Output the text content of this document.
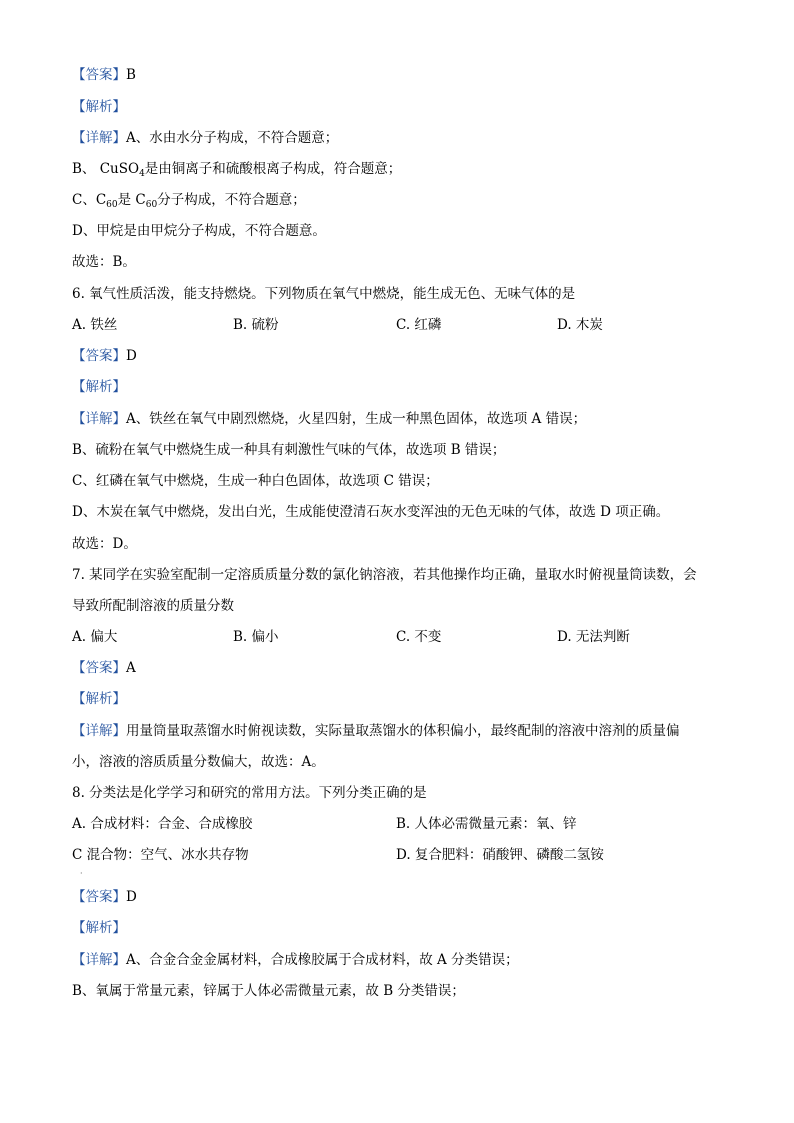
【答案】B
【解析】
【详解】A、水由水分子构成，不符合题意；
B、 CuSO$_4$是由铜离子和硫酸根离子构成，符合题意；
C、$C_{60}$是 $C_{60}$分子构成，不符合题意；
D、甲烷是由甲烷分子构成，不符合题意。
故选：B。
6. 氧气性质活泼，能支持燃烧。下列物质在氧气中燃烧，能生成无色、无味气体的是
A. 铁丝	B. 硫粉	C. 红磷	D. 木炭
【答案】D
【解析】
【详解】A、铁丝在氧气中剧烈燃烧，火星四射，生成一种黑色固体，故选项 A 错误；
B、硫粉在氧气中燃烧生成一种具有刺激性气味的气体，故选项 B 错误；
C、红磷在氧气中燃烧，生成一种白色固体，故选项 C 错误；
D、木炭在氧气中燃烧，发出白光，生成能使澄清石灰水变浑浊的无色无味的气体，故选 D 项正确。
故选：D。
7. 某同学在实验室配制一定溶质质量分数的氯化钠溶液，若其他操作均正确，量取水时俯视量筒读数，会
导致所配制溶液的质量分数
A. 偏大	B. 偏小	C. 不变	D. 无法判断
【答案】A
【解析】
【详解】用量筒量取蒸馏水时俯视读数，实际量取蒸馏水的体积偏小，最终配制的溶液中溶剂的质量偏
小，溶液的溶质质量分数偏大，故选：A。
8. 分类法是化学学习和研究的常用方法。下列分类正确的是
A. 合成材料：合金、合成橡胶	B. 人体必需微量元素：氧、锌
C 混合物：空气、冰水共存物	D. 复合肥料：硝酸钾、磷酸二氢铵
·
【答案】D
【解析】
【详解】A、合金合金金属材料，合成橡胶属于合成材料，故 A 分类错误；
B、氧属于常量元素，锌属于人体必需微量元素，故 B 分类错误；
